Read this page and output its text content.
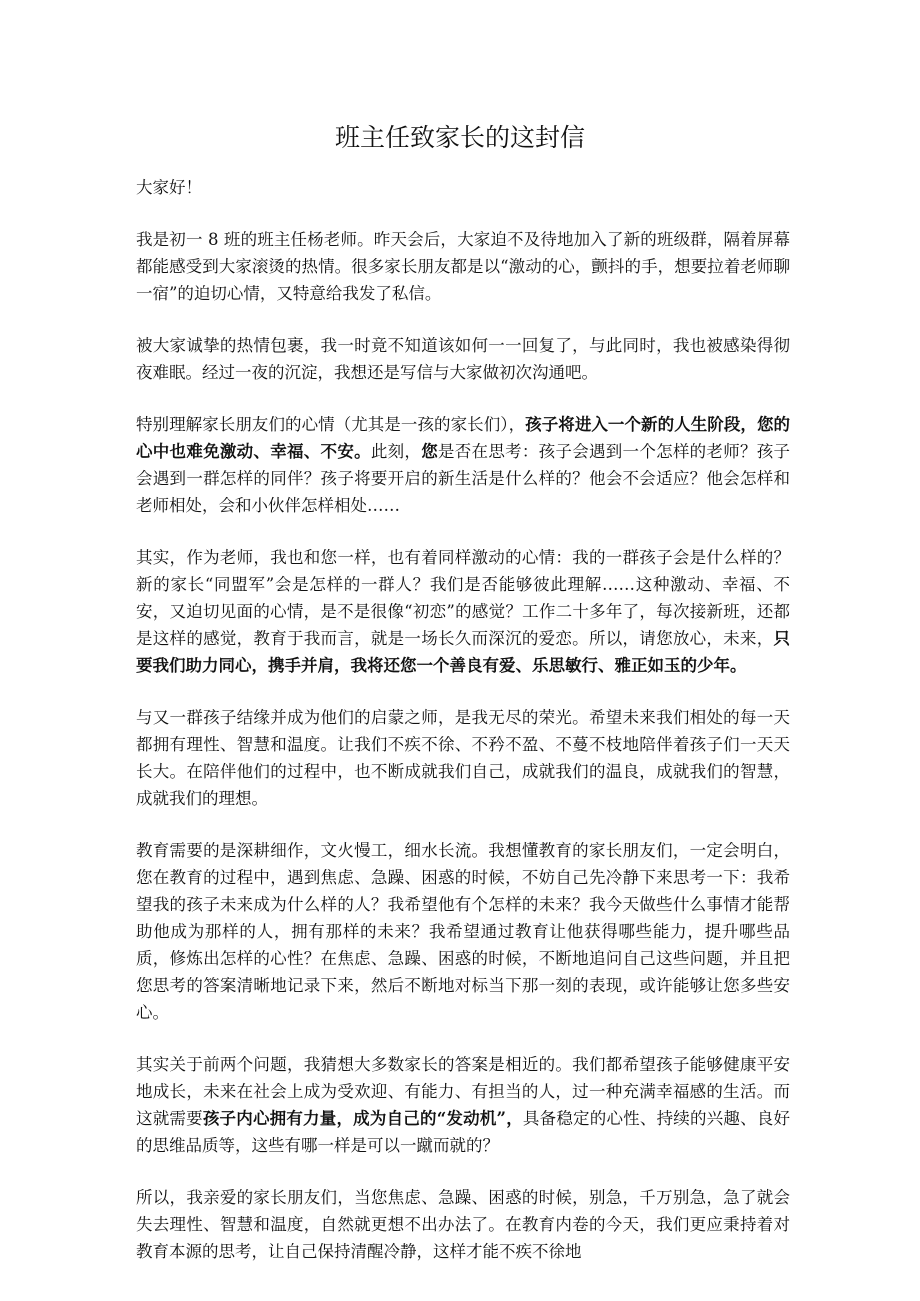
班主任致家长的这封信

大家好！

我是初一 8 班的班主任杨老师。昨天会后，大家迫不及待地加入了新的班级群，隔着屏幕都能感受到大家滚烫的热情。很多家长朋友都是以“激动的心，颤抖的手，想要拉着老师聊一宿”的迫切心情，又特意给我发了私信。

被大家诚挚的热情包裹，我一时竟不知道该如何一一回复了，与此同时，我也被感染得彻夜难眠。经过一夜的沉淀，我想还是写信与大家做初次沟通吧。

特别理解家长朋友们的心情（尤其是一孩的家长们），孩子将进入一个新的人生阶段，您的心中也难免激动、幸福、不安。此刻，您是否在思考：孩子会遇到一个怎样的老师？孩子会遇到一群怎样的同伴？孩子将要开启的新生活是什么样的？他会不会适应？他会怎样和老师相处，会和小伙伴怎样相处……

其实，作为老师，我也和您一样，也有着同样激动的心情：我的一群孩子会是什么样的？新的家长“同盟军”会是怎样的一群人？我们是否能够彼此理解……这种激动、幸福、不安，又迫切见面的心情，是不是很像“初恋”的感觉？工作二十多年了，每次接新班，还都是这样的感觉，教育于我而言，就是一场长久而深沉的爱恋。所以，请您放心，未来，只要我们助力同心，携手并肩，我将还您一个善良有爱、乐思敏行、雅正如玉的少年。

与又一群孩子结缘并成为他们的启蒙之师，是我无尽的荣光。希望未来我们相处的每一天都拥有理性、智慧和温度。让我们不疾不徐、不矜不盈、不蔓不枝地陪伴着孩子们一天天长大。在陪伴他们的过程中，也不断成就我们自己，成就我们的温良，成就我们的智慧，成就我们的理想。

教育需要的是深耕细作，文火慢工，细水长流。我想懂教育的家长朋友们，一定会明白，您在教育的过程中，遇到焦虑、急躁、困惑的时候，不妨自己先冷静下来思考一下：我希望我的孩子未来成为什么样的人？我希望他有个怎样的未来？我今天做些什么事情才能帮助他成为那样的人，拥有那样的未来？我希望通过教育让他获得哪些能力，提升哪些品质，修炼出怎样的心性？在焦虑、急躁、困惑的时候，不断地追问自己这些问题，并且把您思考的答案清晰地记录下来，然后不断地对标当下那一刻的表现，或许能够让您多些安心。

其实关于前两个问题，我猜想大多数家长的答案是相近的。我们都希望孩子能够健康平安地成长，未来在社会上成为受欢迎、有能力、有担当的人，过一种充满幸福感的生活。而这就需要孩子内心拥有力量，成为自己的“发动机”，具备稳定的心性、持续的兴趣、良好的思维品质等，这些有哪一样是可以一蹴而就的？

所以，我亲爱的家长朋友们，当您焦虑、急躁、困惑的时候，别急，千万别急，急了就会失去理性、智慧和温度，自然就更想不出办法了。在教育内卷的今天，我们更应秉持着对教育本源的思考，让自己保持清醒冷静，这样才能不疾不徐地
